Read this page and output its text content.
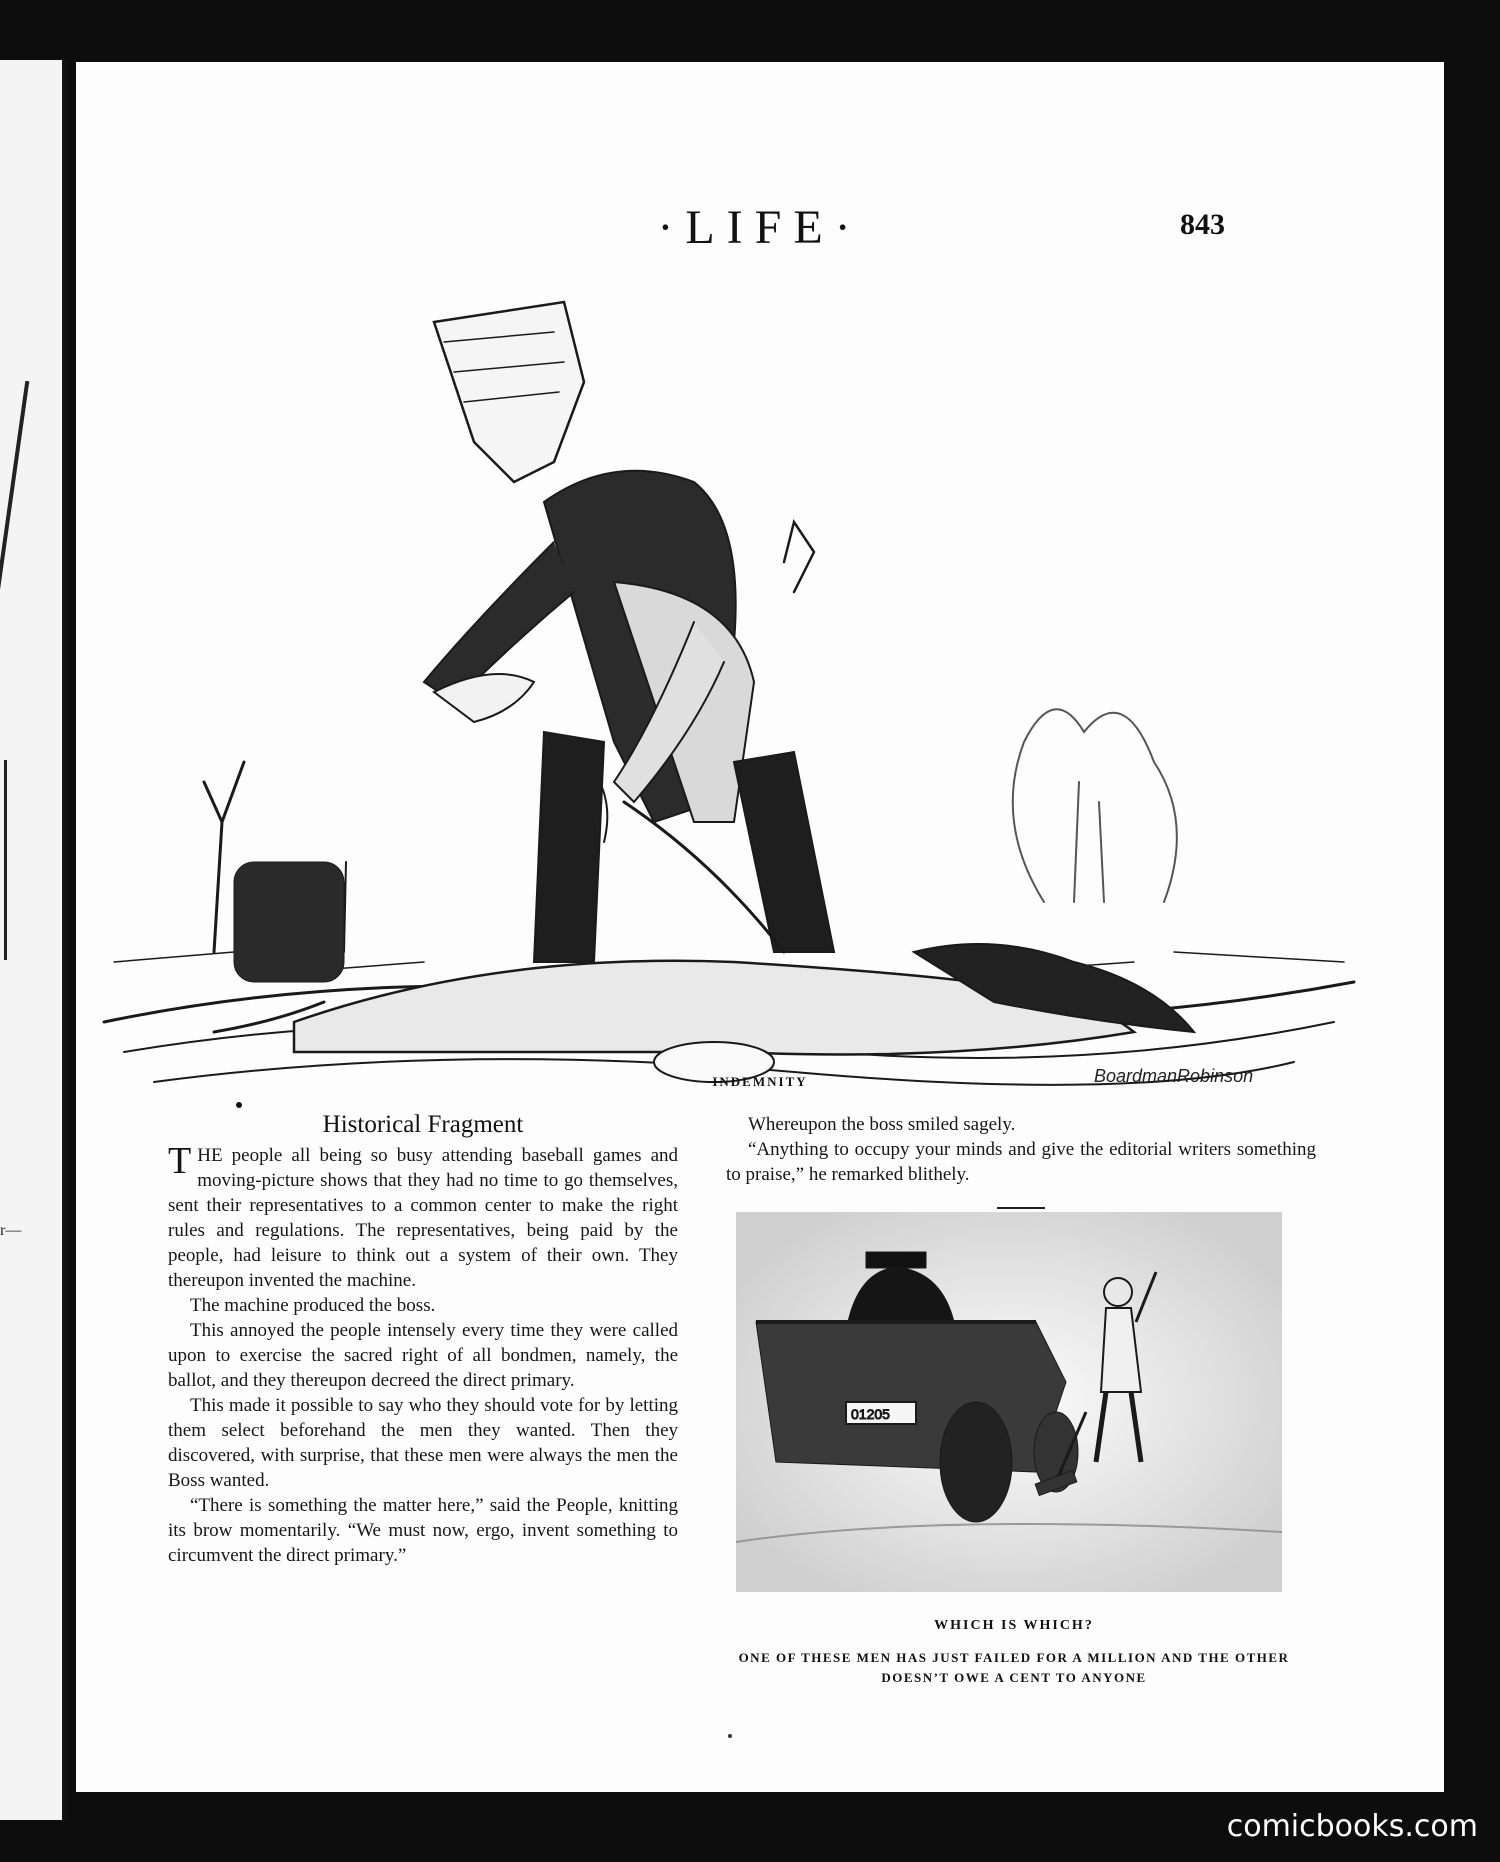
r—
·LIFE·	843
BoardmanRobinson
INDEMNITY
Historical Fragment

THE people all being so busy attending baseball games and moving-picture shows that they had no time to go themselves, sent their representatives to a common center to make the right rules and regulations. The representatives, being paid by the people, had leisure to think out a system of their own. They thereupon invented the machine.

The machine produced the boss.

This annoyed the people intensely every time they were called upon to exercise the sacred right of all bondmen, namely, the ballot, and they thereupon decreed the direct primary.

This made it possible to say who they should vote for by letting them select beforehand the men they wanted. Then they discovered, with surprise, that these men were always the men the Boss wanted.

“There is something the matter here,” said the People, knitting its brow momentarily. “We must now, ergo, invent something to circumvent the direct primary.”

Whereupon the boss smiled sagely.

“Anything to occupy your minds and give the editorial writers something to praise,” he remarked blithely.

01205
WHICH IS WHICH?
ONE OF THESE MEN HAS JUST FAILED FOR A MILLION AND THE OTHER DOESN’T OWE A CENT TO ANYONE
comicbooks.com
